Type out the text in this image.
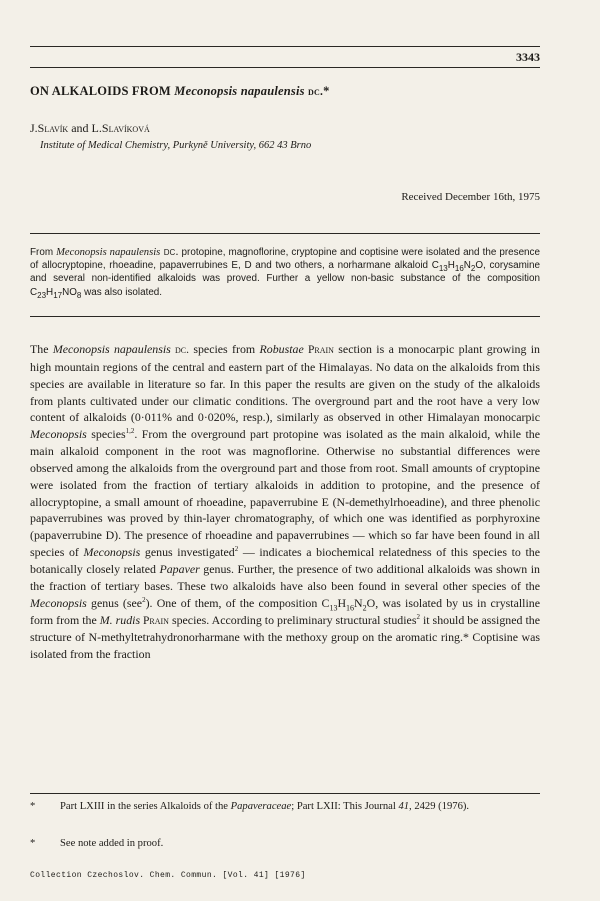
3343
ON ALKALOIDS FROM Meconopsis napaulensis dc.*
J.Slavík and L.Slavíková
Institute of Medical Chemistry, Purkyně University, 662 43 Brno
Received December 16th, 1975
From Meconopsis napaulensis dc. protopine, magnoflorine, cryptopine and coptisine were isolated and the presence of allocryptopine, rhoeadine, papaverrubines E, D and two others, a norharmane alkaloid $C_{13}H_{16}N_2O$, corysamine and several non-identified alkaloids was proved. Further a yellow non-basic substance of the composition $C_{23}H_{17}NO_8$ was also isolated.

The Meconopsis napaulensis dc. species from Robustae Prain section is a monocarpic plant growing in high mountain regions of the central and eastern part of the Himalayas. No data on the alkaloids from this species are available in literature so far. In this paper the results are given on the study of the alkaloids from plants cultivated under our climatic conditions. The overground part and the root have a very low content of alkaloids (0·011% and 0·020%, resp.), similarly as observed in other Himalayan monocarpic Meconopsis species$^{1,2}$. From the overground part protopine was isolated as the main alkaloid, while the main alkaloid component in the root was magnoflorine. Otherwise no substantial differences were observed among the alkaloids from the overground part and those from root. Small amounts of cryptopine were isolated from the fraction of tertiary alkaloids in addition to protopine, and the presence of allocryptopine, a small amount of rhoeadine, papaverrubine E (N-demethylrhoeadine), and three phenolic papaverrubines was proved by thin-layer chromatography, of which one was identified as porphyroxine (papaverrubine D). The presence of rhoeadine and papaverrubines — which so far have been found in all species of Meconopsis genus investigated$^2$ — indicates a biochemical relatedness of this species to the botanically closely related Papaver genus. Further, the presence of two additional alkaloids was shown in the fraction of tertiary bases. These two alkaloids have also been found in several other species of the Meconopsis genus (see$^2$). One of them, of the composition $C_{13}H_{16}N_2O$, was isolated by us in crystalline form from the M. rudis Prain species. According to preliminary structural studies$^2$ it should be assigned the structure of N-methyltetrahydronorharmane with the methoxy group on the aromatic ring.* Coptisine was isolated from the fraction

* Part LXIII in the series Alkaloids of the Papaveraceae; Part LXII: This Journal 41, 2429 (1976).
* See note added in proof.
Collection Czechoslov. Chem. Commun. [Vol. 41] [1976]
